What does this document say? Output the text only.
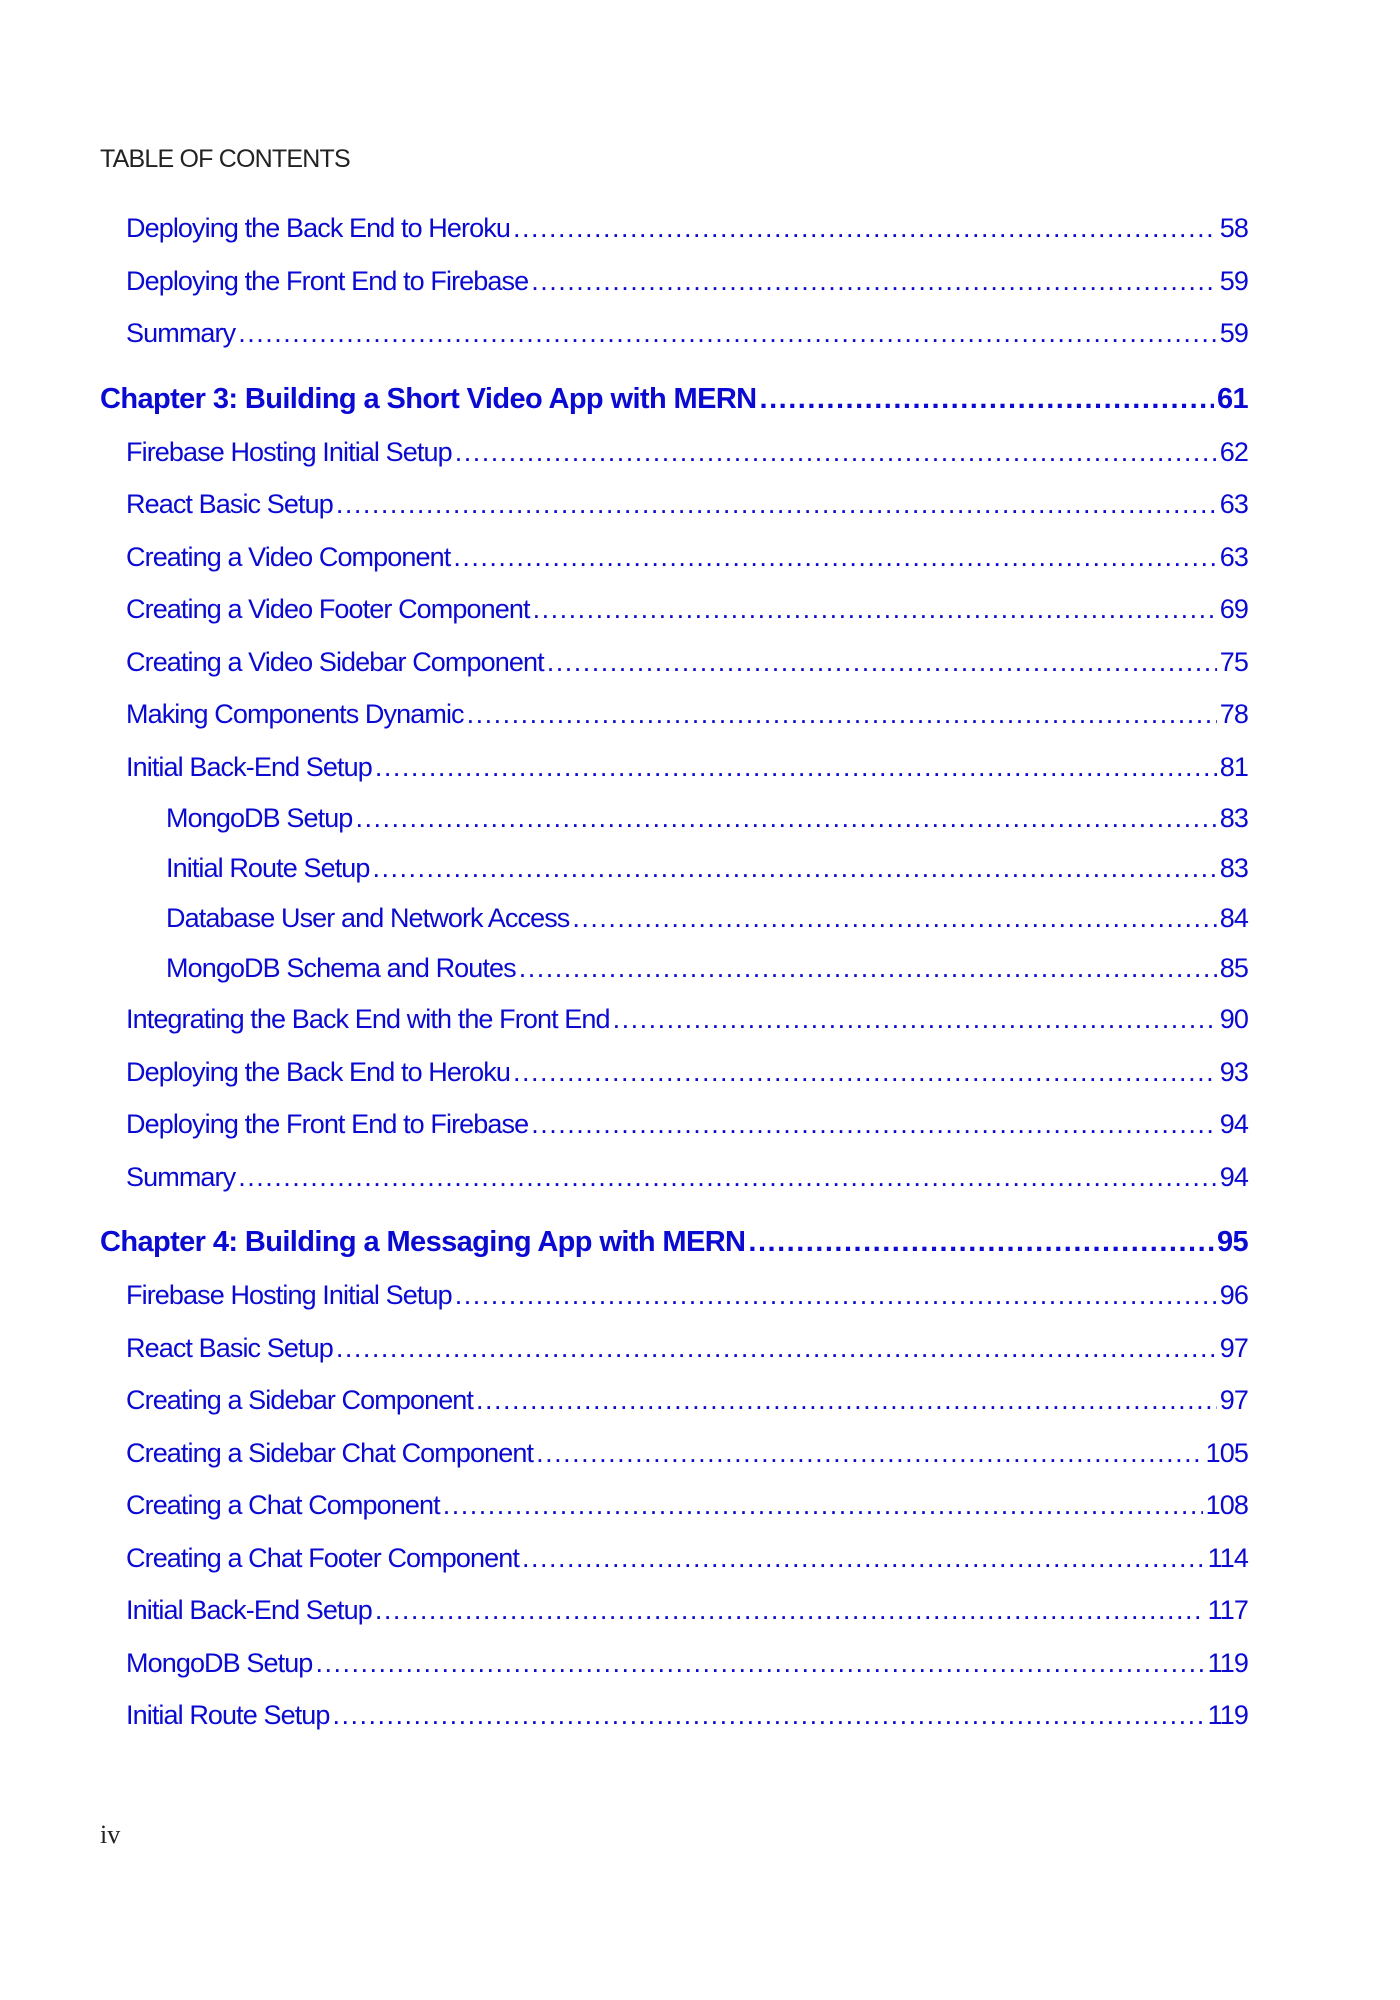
TABLE OF CONTENTS
Deploying the Back End to Heroku .....	58
Deploying the Front End to Firebase .....	59
Summary .....	59
Chapter 3: Building a Short Video App with MERN .....	61
Firebase Hosting Initial Setup .....	62
React Basic Setup .....	63
Creating a Video Component .....	63
Creating a Video Footer Component .....	69
Creating a Video Sidebar Component .....	75
Making Components Dynamic .....	78
Initial Back-End Setup .....	81
MongoDB Setup .....	83
Initial Route Setup .....	83
Database User and Network Access .....	84
MongoDB Schema and Routes .....	85
Integrating the Back End with the Front End .....	90
Deploying the Back End to Heroku .....	93
Deploying the Front End to Firebase .....	94
Summary .....	94
Chapter 4: Building a Messaging App with MERN .....	95
Firebase Hosting Initial Setup .....	96
React Basic Setup .....	97
Creating a Sidebar Component .....	97
Creating a Sidebar Chat Component .....	105
Creating a Chat Component .....	108
Creating a Chat Footer Component .....	114
Initial Back-End Setup .....	117
MongoDB Setup .....	119
Initial Route Setup .....	119
iv
